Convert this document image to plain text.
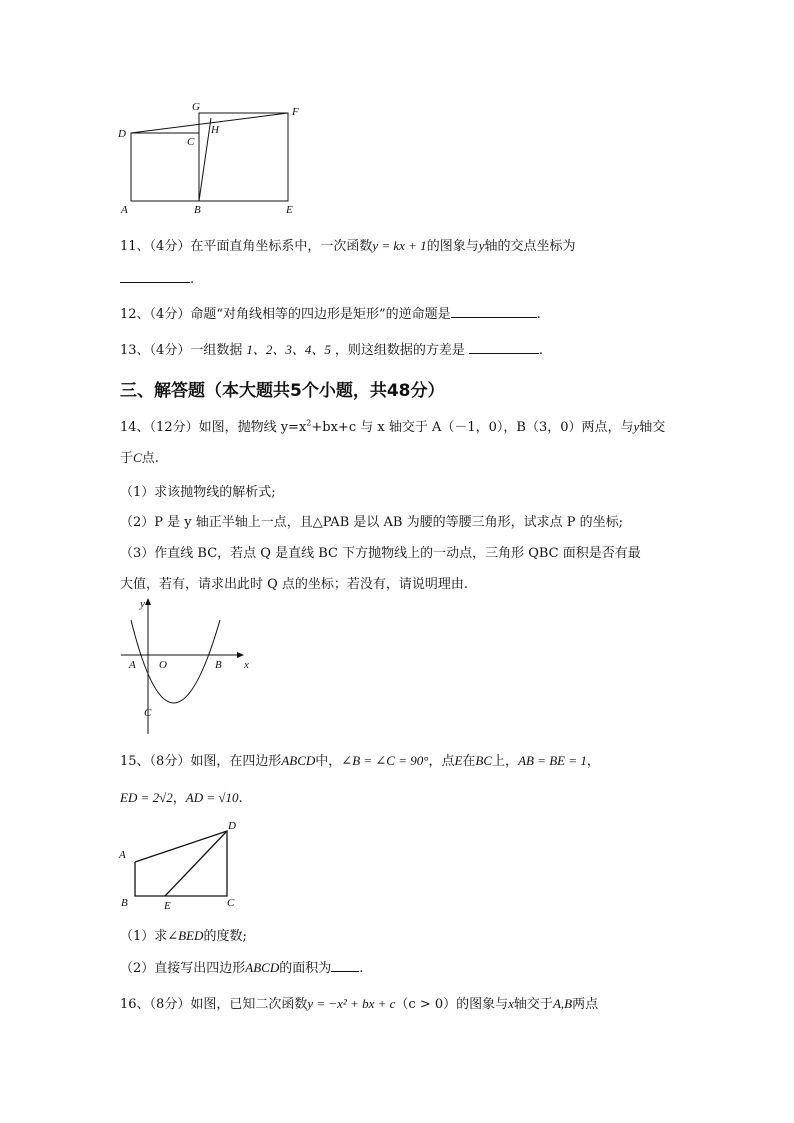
G	F
D	H
C
A	B	E
11、（4分）在平面直角坐标系中，一次函数y = kx + 1的图象与y轴的交点坐标为
.
12、（4分）命题“对角线相等的四边形是矩形”的逆命题是	.
13、（4分）一组数据 1、2、3、4、5 ，则这组数据的方差是	.
三、解答题（本大题共5个小题，共48分）
14、（12分）如图，抛物线 $y=x^2+bx+c$ 与 x 轴交于 A（－1，0），B（3，0）两点，与y轴交
于C点.
（1）求该抛物线的解析式;
（2）P 是 y 轴正半轴上一点，且△PAB 是以 AB 为腰的等腰三角形，试求点 P 的坐标;
（3）作直线 BC，若点 Q 是直线 BC 下方抛物线上的一动点，三角形 QBC 面积是否有最
大值，若有，请求出此时 Q 点的坐标；若没有，请说明理由.
y
x
A O	B
C
15、（8分）如图，在四边形ABCD中，∠B = ∠C = 90°，点E在BC上，AB = BE = 1，
ED = 2√2，AD = √10.
A
D
B	E	C
（1）求∠BED的度数;
（2）直接写出四边形ABCD的面积为 .
16、（8分）如图，已知二次函数y = −x² + bx + c（c > 0）的图象与x轴交于A,B两点
